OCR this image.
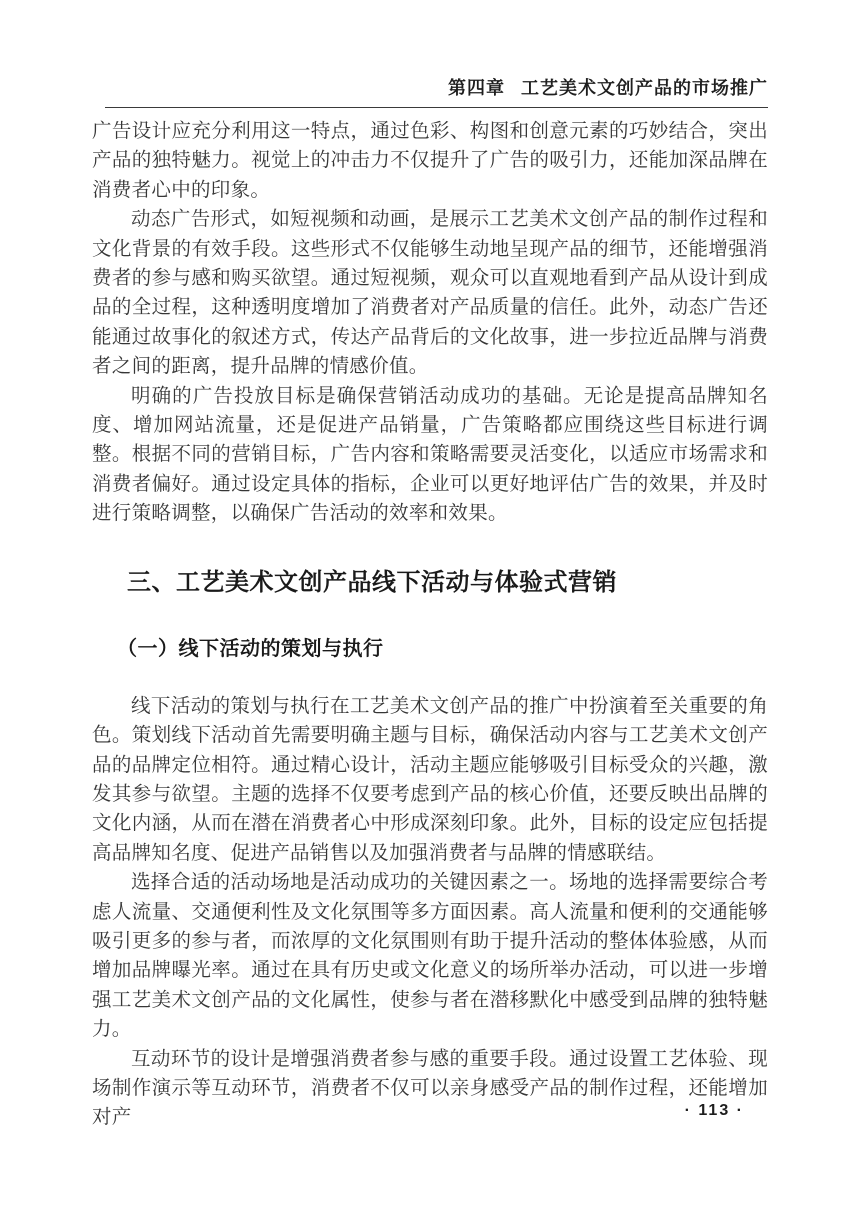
第四章 工艺美术文创产品的市场推广

广告设计应充分利用这一特点，通过色彩、构图和创意元素的巧妙结合，突出产品的独特魅力。视觉上的冲击力不仅提升了广告的吸引力，还能加深品牌在消费者心中的印象。

动态广告形式，如短视频和动画，是展示工艺美术文创产品的制作过程和文化背景的有效手段。这些形式不仅能够生动地呈现产品的细节，还能增强消费者的参与感和购买欲望。通过短视频，观众可以直观地看到产品从设计到成品的全过程，这种透明度增加了消费者对产品质量的信任。此外，动态广告还能通过故事化的叙述方式，传达产品背后的文化故事，进一步拉近品牌与消费者之间的距离，提升品牌的情感价值。

明确的广告投放目标是确保营销活动成功的基础。无论是提高品牌知名度、增加网站流量，还是促进产品销量，广告策略都应围绕这些目标进行调整。根据不同的营销目标，广告内容和策略需要灵活变化，以适应市场需求和消费者偏好。通过设定具体的指标，企业可以更好地评估广告的效果，并及时进行策略调整，以确保广告活动的效率和效果。

三、工艺美术文创产品线下活动与体验式营销
（一）线下活动的策划与执行

线下活动的策划与执行在工艺美术文创产品的推广中扮演着至关重要的角色。策划线下活动首先需要明确主题与目标，确保活动内容与工艺美术文创产品的品牌定位相符。通过精心设计，活动主题应能够吸引目标受众的兴趣，激发其参与欲望。主题的选择不仅要考虑到产品的核心价值，还要反映出品牌的文化内涵，从而在潜在消费者心中形成深刻印象。此外，目标的设定应包括提高品牌知名度、促进产品销售以及加强消费者与品牌的情感联结。

选择合适的活动场地是活动成功的关键因素之一。场地的选择需要综合考虑人流量、交通便利性及文化氛围等多方面因素。高人流量和便利的交通能够吸引更多的参与者，而浓厚的文化氛围则有助于提升活动的整体体验感，从而增加品牌曝光率。通过在具有历史或文化意义的场所举办活动，可以进一步增强工艺美术文创产品的文化属性，使参与者在潜移默化中感受到品牌的独特魅力。

互动环节的设计是增强消费者参与感的重要手段。通过设置工艺体验、现场制作演示等互动环节，消费者不仅可以亲身感受产品的制作过程，还能增加对产	· 113 ·
